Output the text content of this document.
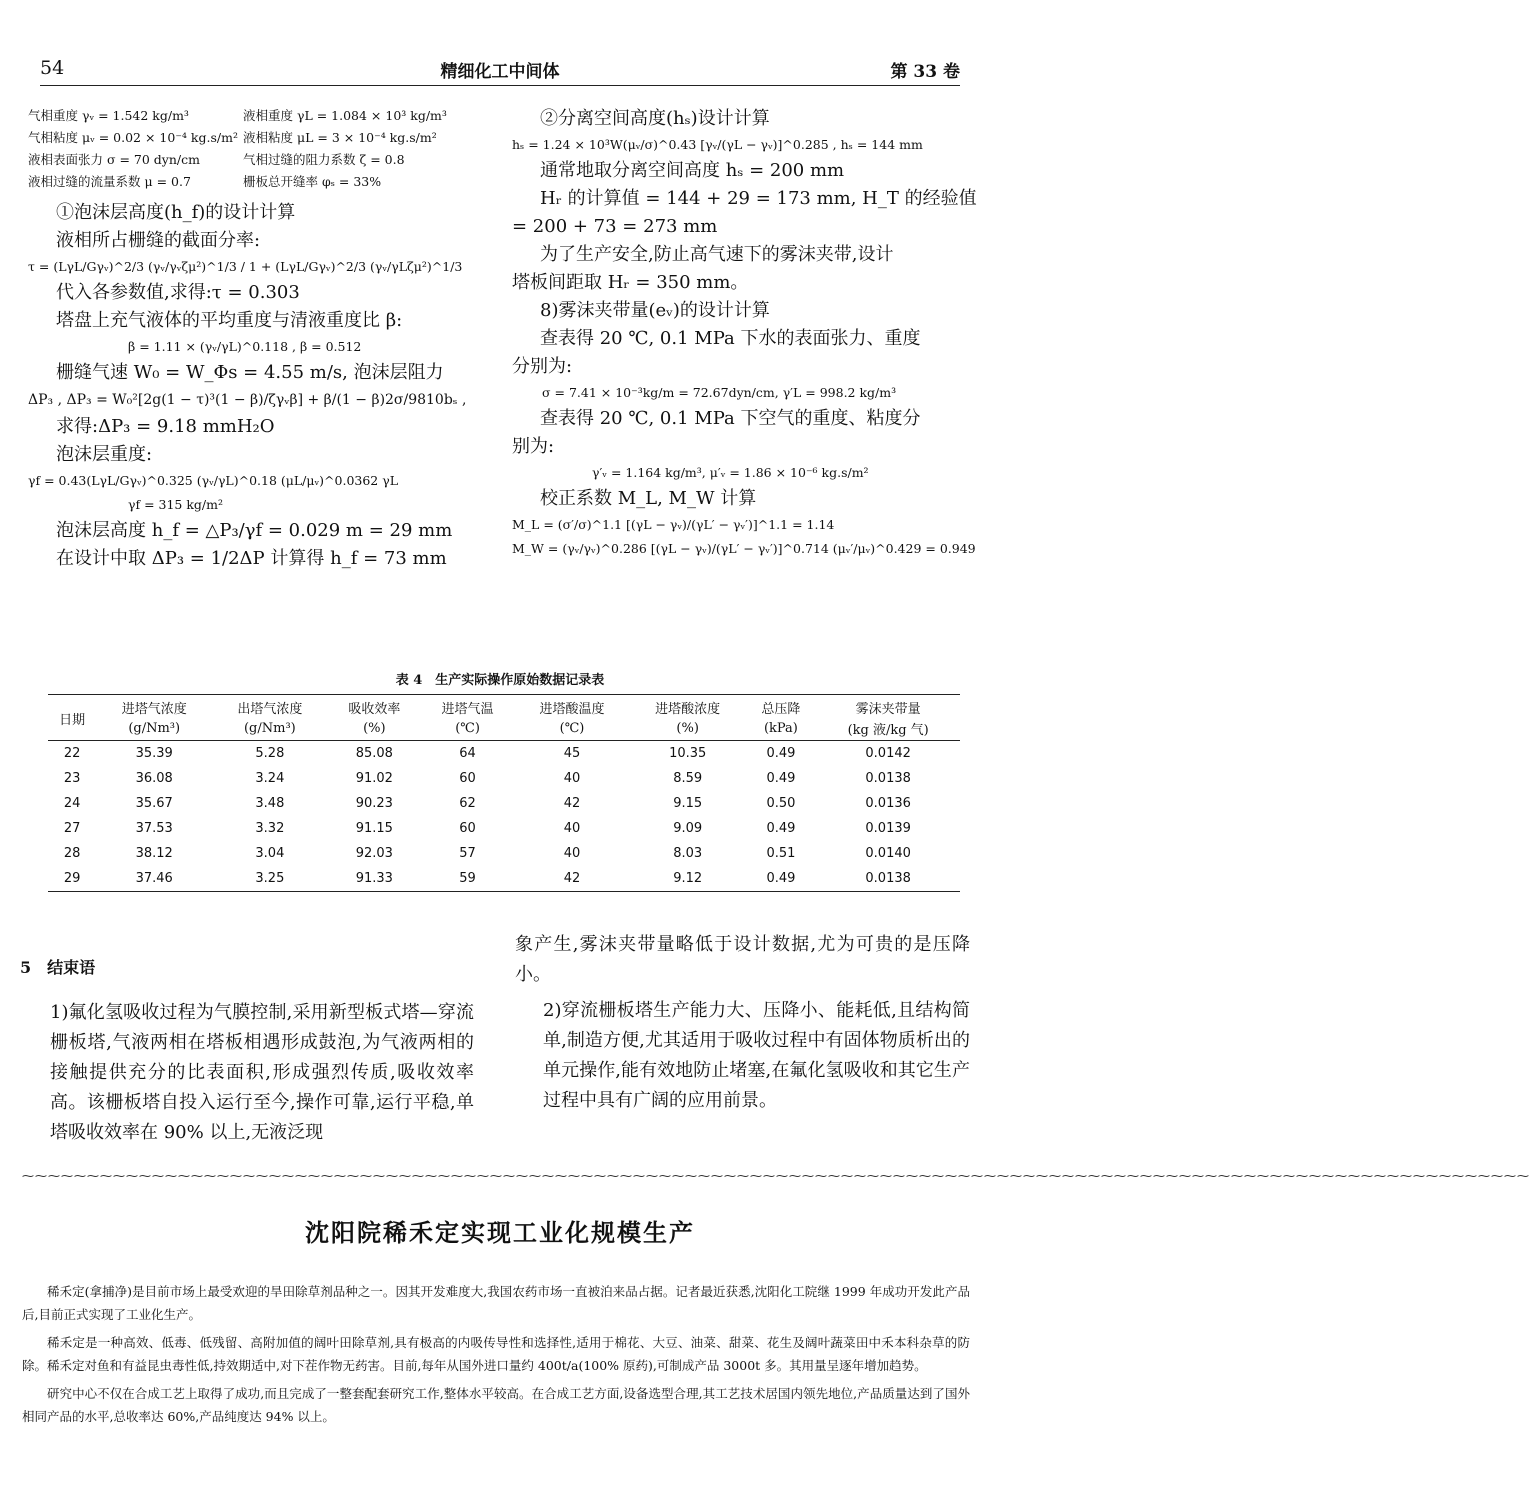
54	精细化工中间体	第 33 卷
气相重度 γᵥ = 1.542 kg/m³	液相重度 γL = 1.084 × 10³ kg/m³
气相粘度 μᵥ = 0.02 × 10⁻⁴ kg.s/m² 液相粘度 μL = 3 × 10⁻⁴ kg.s/m²
液相表面张力 σ = 70 dyn/cm	气相过缝的阻力系数 ζ = 0.8
液相过缝的流量系数 μ = 0.7	栅板总开缝率 φₛ = 33%
①泡沫层高度(h_f)的设计计算
液相所占栅缝的截面分率:
τ = (LγL/Gγᵥ)^2/3 (γᵥ/γᵥζμ²)^1/3 / 1 + (LγL/Gγᵥ)^2/3 (γᵥ/γLζμ²)^1/3
代入各参数值,求得:τ = 0.303
塔盘上充气液体的平均重度与清液重度比 β:
β = 1.11 × (γᵥ/γL)^0.118 , β = 0.512
栅缝气速 W₀ = W_Φs = 4.55 m/s, 泡沫层阻力
ΔP₃ , ΔP₃ = W₀²[2g(1 − τ)³(1 − β)/ζγᵥβ] + β/(1 − β)2σ/9810bₛ ,
求得:ΔP₃ = 9.18 mmH₂O
泡沫层重度:
γf = 0.43(LγL/Gγᵥ)^0.325 (γᵥ/γL)^0.18 (μL/μᵥ)^0.0362 γL
γf = 315 kg/m²
泡沫层高度 h_f = △P₃/γf = 0.029 m = 29 mm
在设计中取 ΔP₃ = 1/2ΔP 计算得 h_f = 73 mm
②分离空间高度(hₛ)设计计算
hₛ = 1.24 × 10³W(μᵥ/σ)^0.43 [γᵥ/(γL − γᵥ)]^0.285 , hₛ = 144 mm
通常地取分离空间高度 hₛ = 200 mm
Hᵣ 的计算值 = 144 + 29 = 173 mm, H_T 的经验值
= 200 + 73 = 273 mm
为了生产安全,防止高气速下的雾沫夹带,设计
塔板间距取 Hᵣ = 350 mm。
8)雾沫夹带量(eᵥ)的设计计算
查表得 20 ℃, 0.1 MPa 下水的表面张力、重度
分别为:
σ = 7.41 × 10⁻³kg/m = 72.67dyn/cm, γ′L = 998.2 kg/m³
查表得 20 ℃, 0.1 MPa 下空气的重度、粘度分
别为:
γ′ᵥ = 1.164 kg/m³, μ′ᵥ = 1.86 × 10⁻⁶ kg.s/m²
校正系数 M_L, M_W 计算
M_L = (σ′/σ)^1.1 [(γL − γᵥ)/(γL′ − γᵥ′)]^1.1 = 1.14
M_W = (γᵥ/γᵥ)^0.286 [(γL − γᵥ)/(γL′ − γᵥ′)]^0.714 (μᵥ′/μᵥ)^0.429 = 0.949
表 4　生产实际操作原始数据记录表
日期	进塔气浓度	出塔气浓度	吸收效率	进塔气温	进塔酸温度	进塔酸浓度	总压降	雾沫夹带量
	(g/Nm³)	(g/Nm³)	(%)	(℃)	(℃)	(%)	(kPa)	(kg 液/kg 气)
22	35.39	5.28	85.08	64	45	10.35	0.49	0.0142
23	36.08	3.24	91.02	60	40	8.59	0.49	0.0138
24	35.67	3.48	90.23	62	42	9.15	0.50	0.0136
27	37.53	3.32	91.15	60	40	9.09	0.49	0.0139
28	38.12	3.04	92.03	57	40	8.03	0.51	0.0140
29	37.46	3.25	91.33	59	42	9.12	0.49	0.0138
5　结束语
1)氟化氢吸收过程为气膜控制,采用新型板式塔—穿流栅板塔,气液两相在塔板相遇形成鼓泡,为气液两相的接触提供充分的比表面积,形成强烈传质,吸收效率高。该栅板塔自投入运行至今,操作可靠,运行平稳,单塔吸收效率在 90% 以上,无液泛现
象产生,雾沫夹带量略低于设计数据,尤为可贵的是压降小。
2)穿流栅板塔生产能力大、压降小、能耗低,且结构简单,制造方便,尤其适用于吸收过程中有固体物质析出的单元操作,能有效地防止堵塞,在氟化氢吸收和其它生产过程中具有广阔的应用前景。
⁓⁓⁓⁓⁓⁓⁓⁓⁓⁓⁓⁓⁓⁓⁓⁓⁓⁓⁓⁓⁓⁓⁓⁓⁓⁓⁓⁓⁓⁓⁓⁓⁓⁓⁓⁓⁓⁓⁓⁓⁓⁓⁓⁓⁓⁓⁓⁓⁓⁓⁓⁓⁓⁓⁓⁓⁓⁓⁓⁓⁓⁓⁓⁓⁓⁓⁓⁓⁓⁓⁓⁓⁓⁓⁓⁓⁓⁓⁓⁓⁓⁓⁓⁓⁓⁓⁓⁓⁓⁓⁓⁓⁓⁓⁓⁓⁓⁓⁓⁓⁓⁓⁓⁓⁓⁓⁓⁓⁓⁓⁓⁓⁓⁓⁓⁓
沈阳院稀禾定实现工业化规模生产

稀禾定(拿捕净)是目前市场上最受欢迎的旱田除草剂品种之一。因其开发难度大,我国农药市场一直被泊来品占据。记者最近获悉,沈阳化工院继 1999 年成功开发此产品后,目前正式实现了工业化生产。

稀禾定是一种高效、低毒、低残留、高附加值的阔叶田除草剂,具有极高的内吸传导性和选择性,适用于棉花、大豆、油菜、甜菜、花生及阔叶蔬菜田中禾本科杂草的防除。稀禾定对鱼和有益昆虫毒性低,持效期适中,对下茬作物无药害。目前,每年从国外进口量约 400t/a(100% 原药),可制成产品 3000t 多。其用量呈逐年增加趋势。

研究中心不仅在合成工艺上取得了成功,而且完成了一整套配套研究工作,整体水平较高。在合成工艺方面,设备选型合理,其工艺技术居国内领先地位,产品质量达到了国外相同产品的水平,总收率达 60%,产品纯度达 94% 以上。
